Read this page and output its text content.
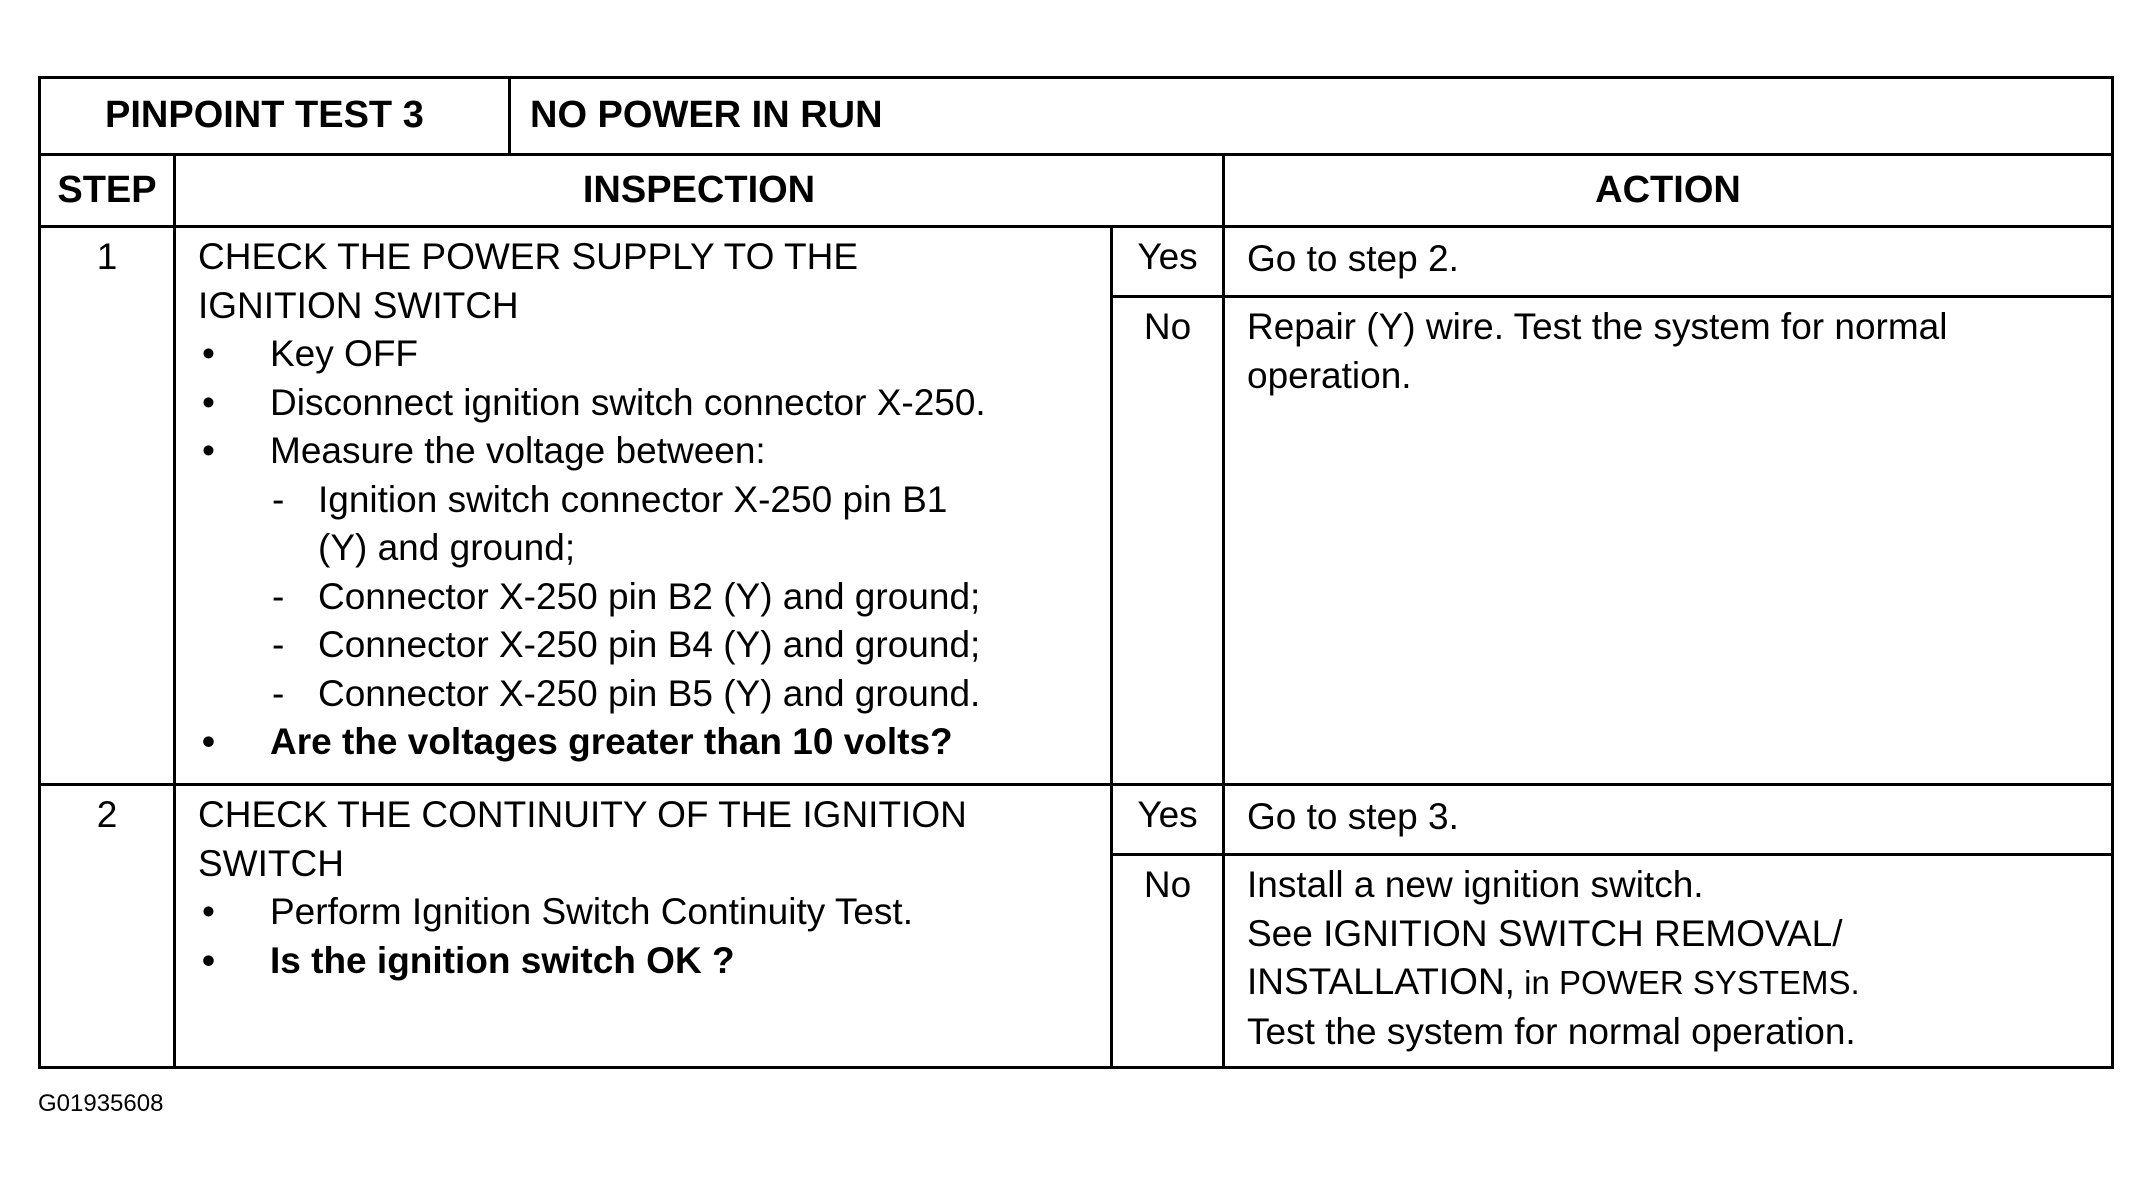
PINPOINT TEST 3	NO POWER IN RUN
STEP	INSPECTION	ACTION
1	CHECK THE POWER SUPPLY TO THE
IGNITION SWITCH
• Key OFF
• Disconnect ignition switch connector X-250.
• Measure the voltage between:
- Ignition switch connector X-250 pin B1
(Y) and ground;
- Connector X-250 pin B2 (Y) and ground;
- Connector X-250 pin B4 (Y) and ground;
- Connector X-250 pin B5 (Y) and ground.
• Are the voltages greater than 10 volts?
Yes	Go to step 2.
No	Repair (Y) wire. Test the system for normal
operation.
2	CHECK THE CONTINUITY OF THE IGNITION
SWITCH
• Perform Ignition Switch Continuity Test.
• Is the ignition switch OK ?
Yes	Go to step 3.
No	Install a new ignition switch.
See IGNITION SWITCH REMOVAL/
INSTALLATION, in POWER SYSTEMS.
Test the system for normal operation.
G01935608
